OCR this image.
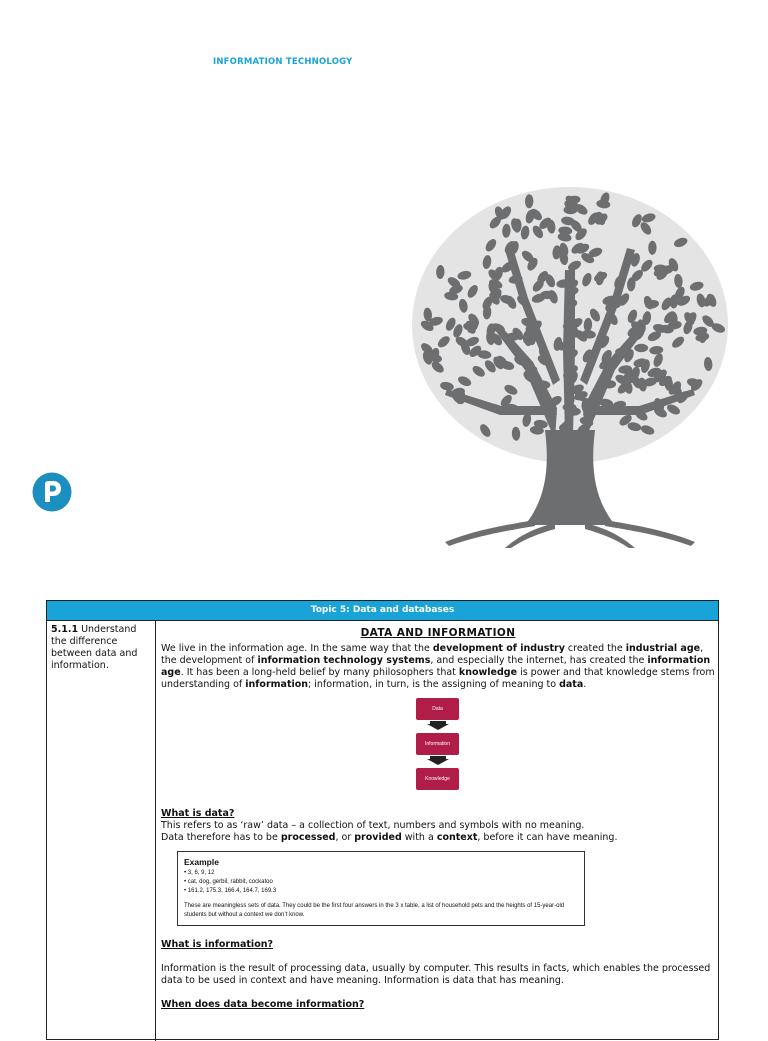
INFORMATION TECHNOLOGY
Topic 5: Data and databases
5.1.1 Understand the difference between data and information.
DATA AND INFORMATION

We live in the information age. In the same way that the development of industry created the industrial age, the development of information technology systems, and especially the internet, has created the information age. It has been a long-held belief by many philosophers that knowledge is power and that knowledge stems from understanding of information; information, in turn, is the assigning of meaning to data.

Data
Information
Knowledge
What is data?

This refers to as ‘raw’ data – a collection of text, numbers and symbols with no meaning.

Data therefore has to be processed, or provided with a context, before it can have meaning.

Example
• 3, 6, 9, 12
• cat, dog, gerbil, rabbit, cockatoo
• 161.2, 175.3, 166.4, 164.7, 169.3
These are meaningless sets of data. They could be the first four answers in the 3 x table, a list of household pets and the heights of 15-year-old students but without a context we don’t know.
What is information?

Information is the result of processing data, usually by computer. This results in facts, which enables the processed data to be used in context and have meaning. Information is data that has meaning.

When does data become information?
